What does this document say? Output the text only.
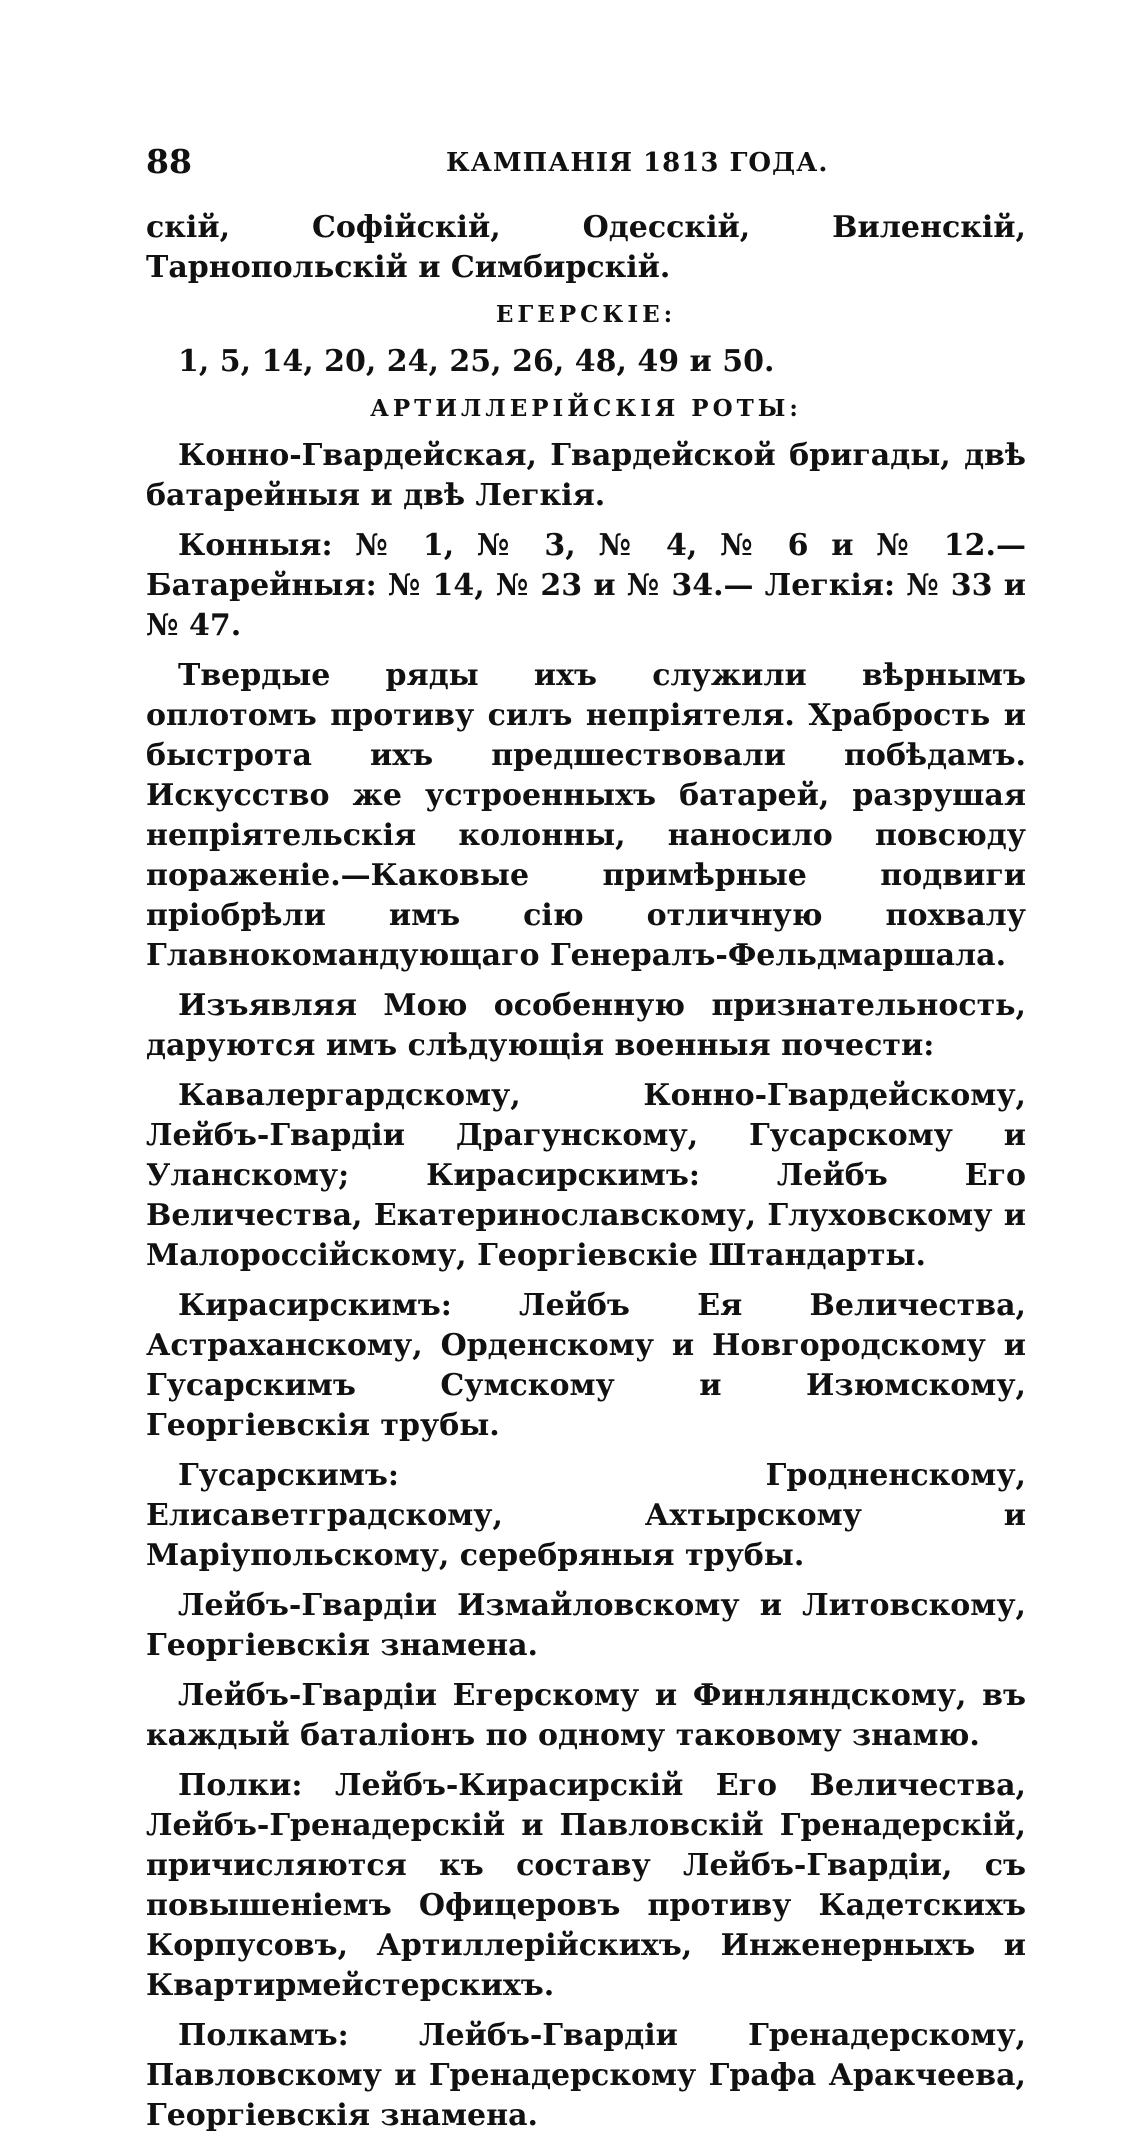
88	КАМПАНIЯ 1813 ГОДА.

скій, Софійскій, Одесскій, Виленскій, Тарнопольскій и Симбирскій.

ЕГЕРСКІЕ:

1, 5, 14, 20, 24, 25, 26, 48, 49 и 50.

АРТИЛЛЕРІЙСКІЯ РОТЫ:

Конно-Гвардейская, Гвардейской бригады, двѣ батарейныя и двѣ Легкія.

Конныя: № 1, № 3, № 4, № 6 и № 12.—Батарейныя: № 14, № 23 и № 34.— Легкія: № 33 и № 47.

Твердые ряды ихъ служили вѣрнымъ оплотомъ противу силъ непріятеля. Храбрость и быстрота ихъ предшествовали побѣдамъ. Искусство же устроенныхъ батарей, разрушая непріятельскія колонны, наносило повсюду пораженіе.—Каковые примѣрные подвиги пріобрѣли имъ сію отличную похвалу Главнокомандующаго Генералъ-Фельдмаршала.

Изъявляя Мою особенную признательность, даруются имъ слѣдующія военныя почести:

Кавалергардскому, Конно-Гвардейскому, Лейбъ-Гвардіи Драгунскому, Гусарскому и Уланскому; Кирасирскимъ: Лейбъ Его Величества, Екатеринославскому, Глуховскому и Малороссійскому, Георгіевскіе Штандарты.

Кирасирскимъ: Лейбъ Ея Величества, Астраханскому, Орденскому и Новгородскому и Гусарскимъ Сумскому и Изюмскому, Георгіевскія трубы.

Гусарскимъ: Гродненскому, Елисаветградскому, Ахтырскому и Маріупольскому, серебряныя трубы.

Лейбъ-Гвардіи Измайловскому и Литовскому, Георгіевскія знамена.

Лейбъ-Гвардіи Егерскому и Финляндскому, въ каждый баталіонъ по одному таковому знамю.

Полки: Лейбъ-Кирасирскій Его Величества, Лейбъ-Гренадерскій и Павловскій Гренадерскій, причисляются къ составу Лейбъ-Гвардіи, съ повышеніемъ Офицеровъ противу Кадетскихъ Корпусовъ, Артиллерійскихъ, Инженерныхъ и Квартирмейстерскихъ.

Полкамъ: Лейбъ-Гвардіи Гренадерскому, Павловскому и Гренадерскому Графа Аракчеева, Георгіевскія знамена.
